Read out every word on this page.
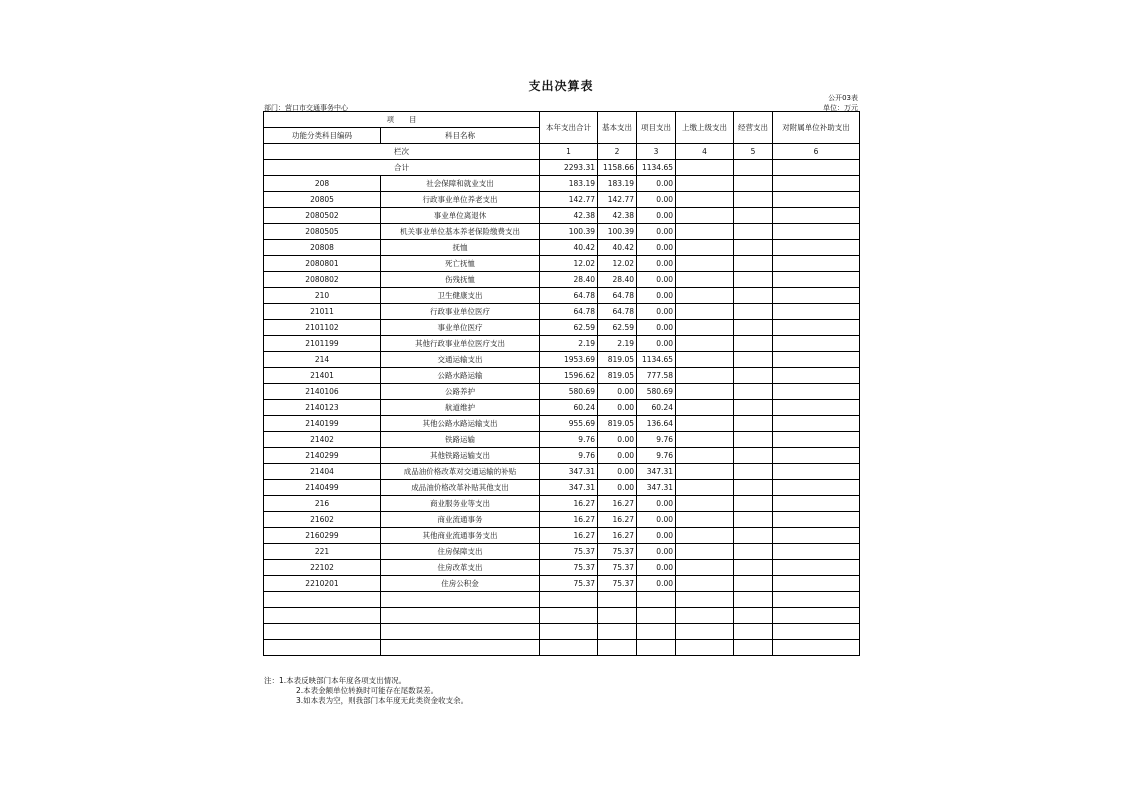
支出决算表
公开03表
部门：营口市交通事务中心	单位：万元
项　　目		本年支出合计	基本支出	项目支出	上缴上级支出	经营支出	对附属单位补助支出
功能分类科目编码	科目名称						
栏次		1	2	3	4	5	6
合计		2293.31	1158.66	1134.65			
208	社会保障和就业支出	183.19	183.19	0.00			
20805	行政事业单位养老支出	142.77	142.77	0.00			
2080502	事业单位离退休	42.38	42.38	0.00			
2080505	机关事业单位基本养老保险缴费支出	100.39	100.39	0.00			
20808	抚恤	40.42	40.42	0.00			
2080801	死亡抚恤	12.02	12.02	0.00			
2080802	伤残抚恤	28.40	28.40	0.00			
210	卫生健康支出	64.78	64.78	0.00			
21011	行政事业单位医疗	64.78	64.78	0.00			
2101102	事业单位医疗	62.59	62.59	0.00			
2101199	其他行政事业单位医疗支出	2.19	2.19	0.00			
214	交通运输支出	1953.69	819.05	1134.65			
21401	公路水路运输	1596.62	819.05	777.58			
2140106	公路养护	580.69	0.00	580.69			
2140123	航道维护	60.24	0.00	60.24			
2140199	其他公路水路运输支出	955.69	819.05	136.64			
21402	铁路运输	9.76	0.00	9.76			
2140299	其他铁路运输支出	9.76	0.00	9.76			
21404	成品油价格改革对交通运输的补贴	347.31	0.00	347.31			
2140499	成品油价格改革补贴其他支出	347.31	0.00	347.31			
216	商业服务业等支出	16.27	16.27	0.00			
21602	商业流通事务	16.27	16.27	0.00			
2160299	其他商业流通事务支出	16.27	16.27	0.00			
221	住房保障支出	75.37	75.37	0.00			
22102	住房改革支出	75.37	75.37	0.00			
2210201	住房公积金	75.37	75.37	0.00			

注：1.本表反映部门本年度各项支出情况。
2.本表金额单位转换时可能存在尾数误差。
3.如本表为空，则我部门本年度无此类资金收支余。
